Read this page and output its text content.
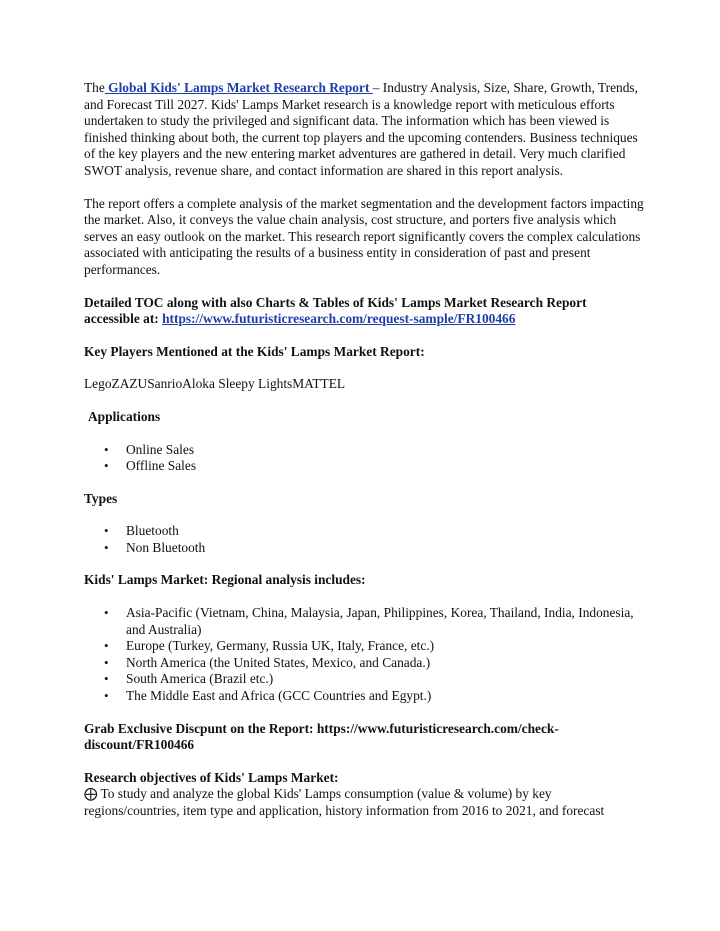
The Global Kids' Lamps Market Research Report – Industry Analysis, Size, Share, Growth, Trends, and Forecast Till 2027. Kids' Lamps Market research is a knowledge report with meticulous efforts undertaken to study the privileged and significant data. The information which has been viewed is finished thinking about both, the current top players and the upcoming contenders. Business techniques of the key players and the new entering market adventures are gathered in detail. Very much clarified SWOT analysis, revenue share, and contact information are shared in this report analysis.

The report offers a complete analysis of the market segmentation and the development factors impacting the market. Also, it conveys the value chain analysis, cost structure, and porters five analysis which serves an easy outlook on the market. This research report significantly covers the complex calculations associated with anticipating the results of a business entity in consideration of past and present performances.

Detailed TOC along with also Charts & Tables of Kids' Lamps Market Research Report accessible at: https://www.futuristicresearch.com/request-sample/FR100466

Key Players Mentioned at the Kids' Lamps Market Report:

LegoZAZUSanrioAloka Sleepy LightsMATTEL

Applications

• Online Sales
• Offline Sales

Types

• Bluetooth
• Non Bluetooth

Kids' Lamps Market: Regional analysis includes:

• Asia-Pacific (Vietnam, China, Malaysia, Japan, Philippines, Korea, Thailand, India, Indonesia, and Australia)
• Europe (Turkey, Germany, Russia UK, Italy, France, etc.)
• North America (the United States, Mexico, and Canada.)
• South America (Brazil etc.)
• The Middle East and Africa (GCC Countries and Egypt.)

Grab Exclusive Discpunt on the Report: https://www.futuristicresearch.com/check-discount/FR100466

Research objectives of Kids' Lamps Market:

⨁ To study and analyze the global Kids' Lamps consumption (value & volume) by key regions/countries, item type and application, history information from 2016 to 2021, and forecast
